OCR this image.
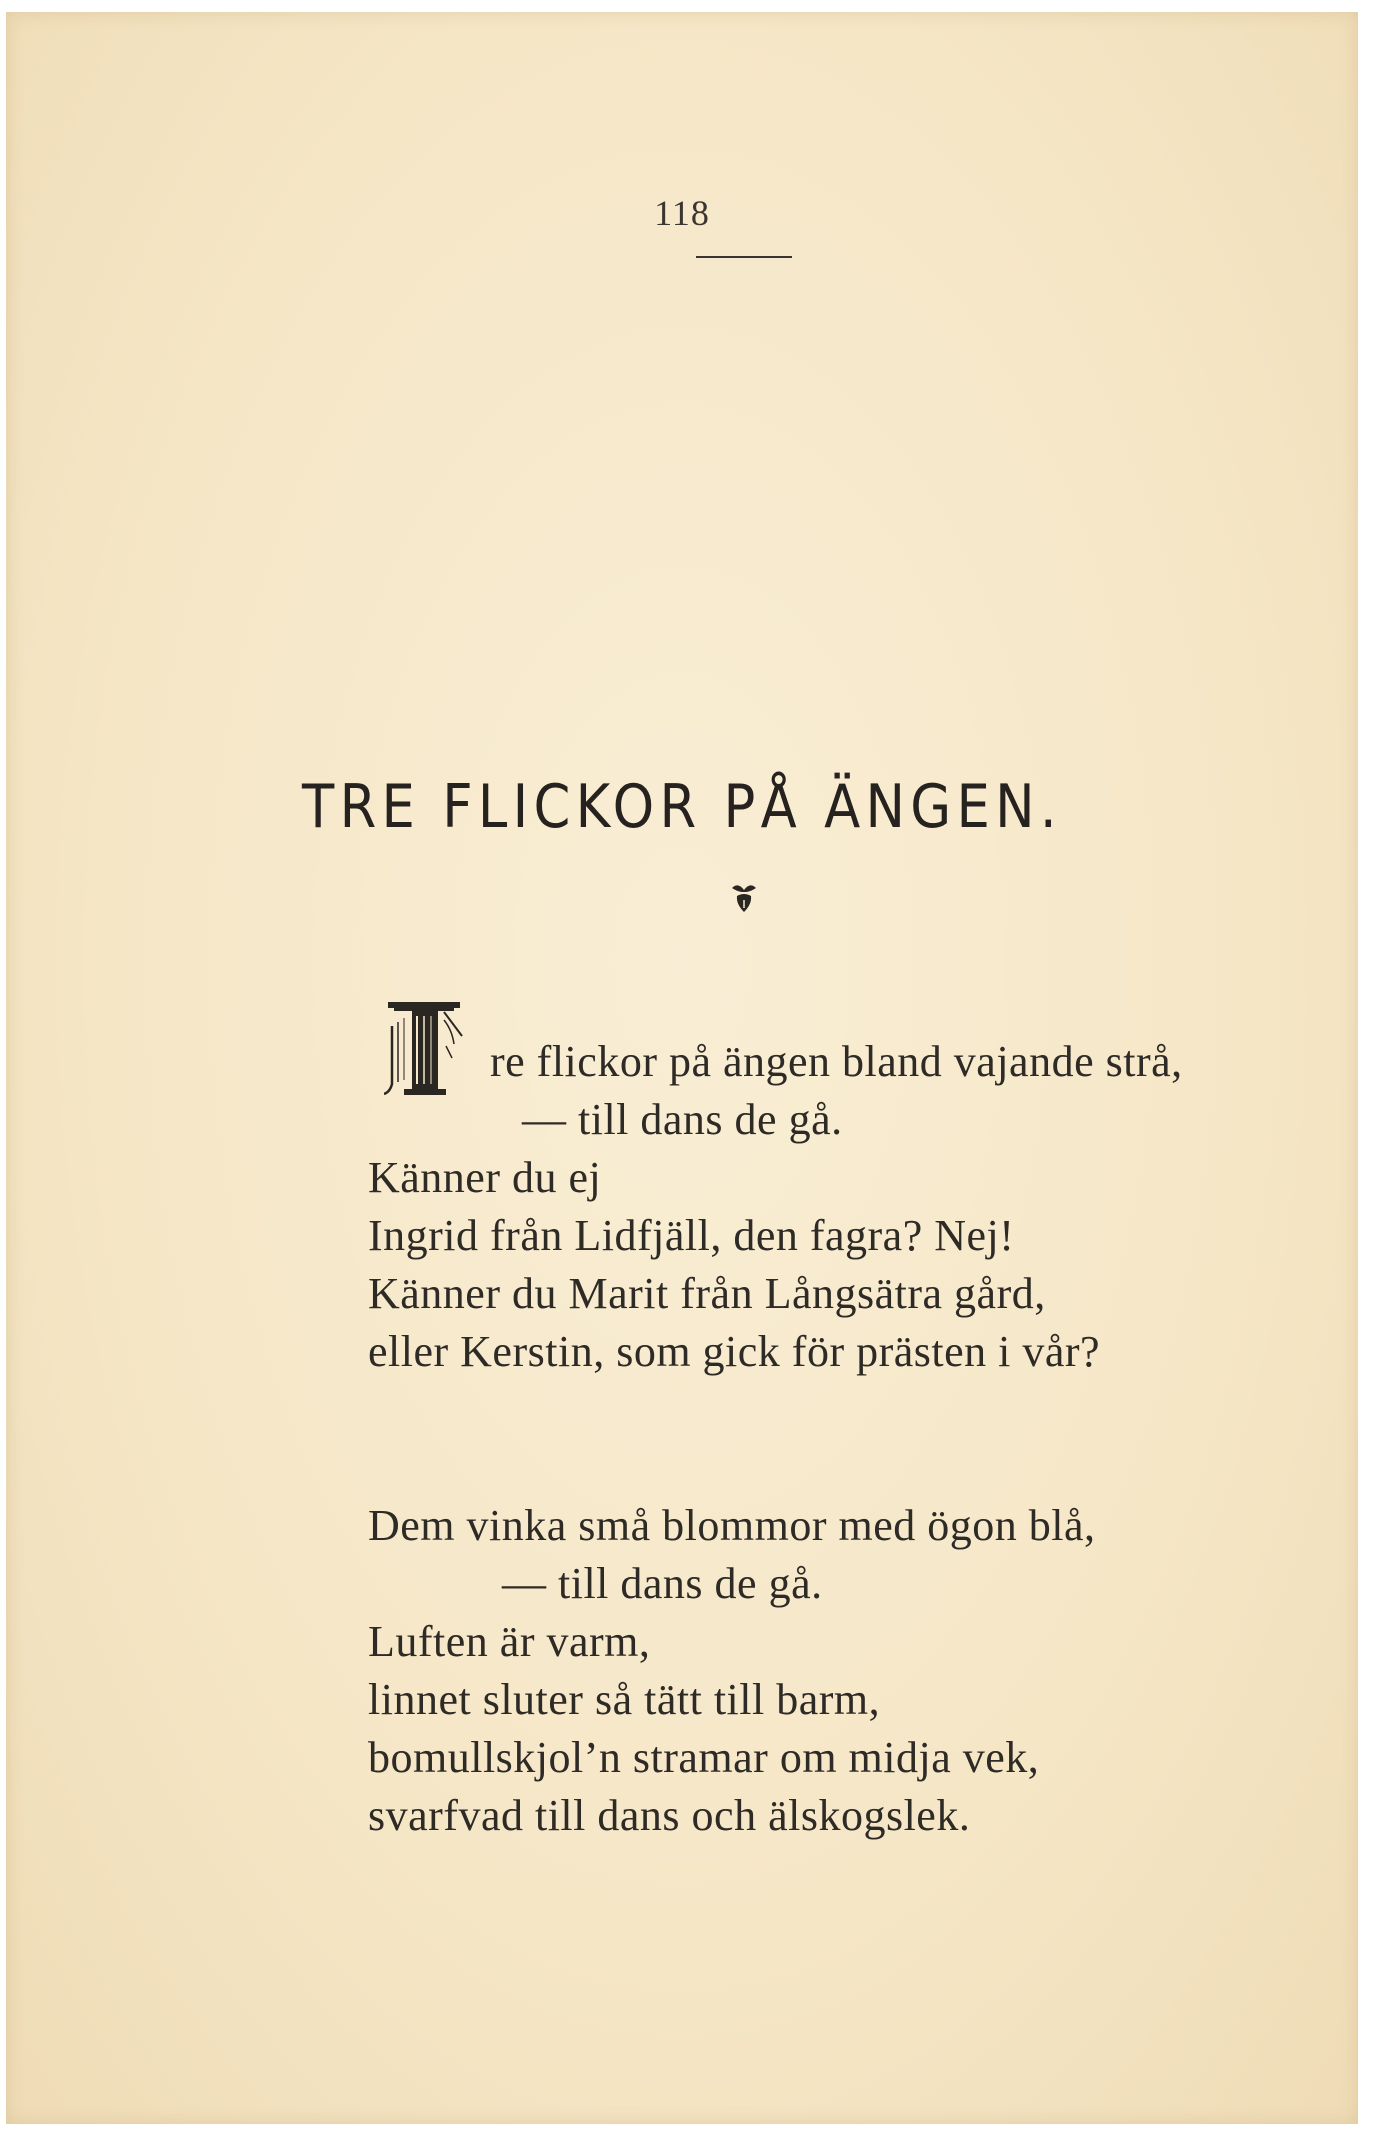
118
TRE FLICKOR PÅ ÄNGEN.
re flickor på ängen bland vajande strå,
— till dans de gå.
Känner du ej
Ingrid från Lidfjäll, den fagra? Nej!
Känner du Marit från Långsätra gård,
eller Kerstin, som gick för prästen i vår?
Dem vinka små blommor med ögon blå,
— till dans de gå.
Luften är varm,
linnet sluter så tätt till barm,
bomullskjol’n stramar om midja vek,
svarfvad till dans och älskogslek.
